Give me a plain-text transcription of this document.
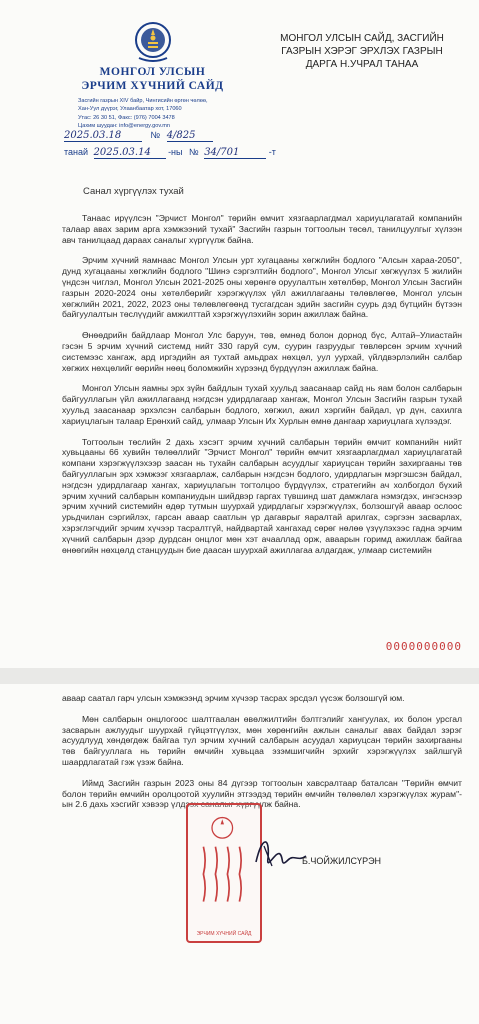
МОНГОЛ УЛСЫН
ЭРЧИМ ХҮЧНИЙ САЙД
Засгийн газрын XIV байр, Чингисийн өргөн чөлөө,
Хан-Уул дүүрэг, Улаанбаатар хот, 17060
Утас: 26 30 51, Факс: (976) 7004 3478
Цахим шуудан: info@energy.gov.mn
МОНГОЛ УЛСЫН САЙД, ЗАСГИЙН
ГАЗРЫН ХЭРЭГ ЭРХЛЭХ ГАЗРЫН
ДАРГА Н.УЧРАЛ ТАНАА
2025.03.18	№ 4/825
танай 2025.03.14 -ны № 34/701	-т
Санал хүргүүлэх тухай

Танаас ирүүлсэн "Эрчист Монгол" төрийн өмчит хязгаарлагдмал хариуцлагатай компанийн талаар авах зарим арга хэмжээний тухай" Засгийн газрын тогтоолын төсөл, танилцуулгыг хүлээн авч танилцаад дараах саналыг хүргүүлж байна.

Эрчим хүчний яамнаас Монгол Улсын урт хугацааны хөгжлийн бодлого "Алсын хараа-2050", дунд хугацааны хөгжлийн бодлого "Шинэ сэргэлтийн бодлого", Монгол Улсыг хөгжүүлэх 5 жилийн үндсэн чиглэл, Монгол Улсын 2021-2025 оны хөрөнгө оруулалтын хөтөлбөр, Монгол Улсын Засгийн газрын 2020-2024 оны хөтөлбөрийг хэрэгжүүлэх үйл ажиллагааны төлөвлөгөө, Монгол улсын хөгжлийн 2021, 2022, 2023 оны төлөвлөгөөнд тусгагдсан эдийн засгийн суурь дэд бүтцийн бүтээн байгуулалтын төслүүдийг амжилттай хэрэгжүүлэхийн зорин ажиллаж байна.

Өнөөдрийн байдлаар Монгол Улс баруун, төв, өмнөд болон дорнод бүс, Алтай–Улиастайн гэсэн 5 эрчим хүчний системд нийт 330 гаруй сум, суурин газруудыг төвлөрсөн эрчим хүчний системээс хангаж, ард иргэдийн ая тухтай амьдрах нөхцөл, уул уурхай, үйлдвэрлэлийн салбар хөгжих нөхцөлийг өөрийн нөөц боломжийн хүрээнд бүрдүүлэн ажиллаж байна.

Монгол Улсын яамны эрх зүйн байдлын тухай хуульд заасанаар сайд нь яам болон салбарын байгууллагын үйл ажиллагаанд нэгдсэн удирдлагаар хангаж, Монгол Улсын Засгийн газрын тухай хуульд заасанаар эрхэлсэн салбарын бодлого, хөгжил, ажил хэргийн байдал, үр дүн, сахилга хариуцлагын талаар Ерөнхий сайд, улмаар Улсын Их Хурлын өмнө дангаар хариуцлага хүлээдэг.

Тогтоолын төслийн 2 дахь хэсэгт эрчим хүчний салбарын төрийн өмчит компанийн нийт хувьцааны 66 хувийн төлөөллийг "Эрчист Монгол" төрийн өмчит хязгаарлагдмал хариуцлагатай компани хэрэгжүүлэхээр заасан нь тухайн салбарын асуудлыг хариуцсан төрийн захиргааны төв байгууллагын эрх хэмжээг хязгаарлаж, салбарын нэгдсэн бодлого, удирдлагын мэргэшсэн байдал, нэгдсэн удирдлагаар хангах, хариуцлагын тогтолцоо бүрдүүлэх, стратегийн ач холбогдол бүхий эрчим хүчний салбарын компаниудын шийдвэр гаргах түвшинд шат дамжлага нэмэгдэх, ингэснээр эрчим хүчний системийн өдөр тутмын шуурхай удирдлагыг хэрэгжүүлэх, болзошгүй аваар ослоос урьдчилан сэргийлэх, гарсан аваар саатлын үр дагаврыг яаралтай арилгах, сэргээн засварлах, хэрэглэгчдийг эрчим хүчээр тасралтгүй, найдвартай хангахад сөрөг нөлөө үзүүлэхээс гадна эрчим хүчний салбарын дээр дурдсан онцлог мөн хэт ачааллад орж, аваарын горимд ажиллаж байгаа өнөөгийн нөхцөлд станцуудын бие даасан шуурхай ажиллагаа алдагдаж, улмаар системийн

0000000000

аваар саатал гарч улсын хэмжээнд эрчим хүчээр тасрах эрсдэл үүсэж болзошгүй юм.

Мөн салбарын онцлогоос шалтгаалан өвөлжилтийн бэлтгэлийг хангуулах, их болон урсгал засварын ажлуудыг шуурхай гүйцэтгүүлэх, мөн хөрөнгийн ажлын саналыг авах байдал зэрэг асуудлууд хөндөгдөж байгаа тул эрчим хүчний салбарын асуудал хариуцсан төрийн захиргааны төв байгууллага нь төрийн өмчийн хувьцаа эзэмшигчийн эрхийг хэрэгжүүлэх зайлшгүй шаардлагатай гэж үзэж байна.

Иймд Засгийн газрын 2023 оны 84 дүгээр тогтоолын хавсралтаар баталсан "Төрийн өмчит болон төрийн өмчийн оролцоотой хуулийн этгээдэд төрийн өмчийн төлөөлөл хэрэгжүүлэх журам"-ын 2.6 дахь хэсгийг хэвээр үлдээх саналыг хүргүүлж байна.

ЭРЧИМ ХҮЧНИЙ САЙД
Б.ЧОЙЖИЛСҮРЭН
